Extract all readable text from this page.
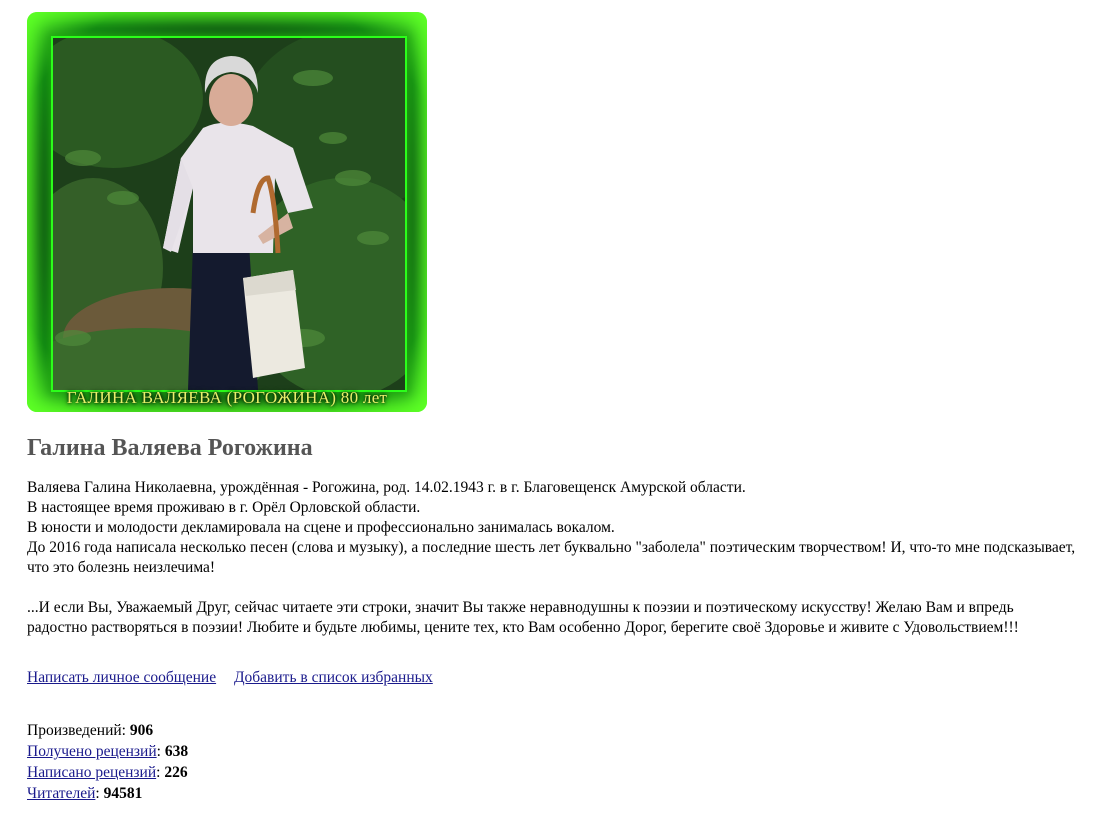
ГАЛИНА ВАЛЯЕВА (РОГОЖИНА) 80 лет
Галина Валяева Рогожина

Валяева Галина Николаевна, урождённая - Рогожина, род. 14.02.1943 г. в г. Благовещенск Амурской области.

В настоящее время проживаю в г. Орёл Орловской области.

В юности и молодости декламировала на сцене и профессионально занималась вокалом.

До 2016 года написала несколько песен (слова и музыку), а последние шесть лет буквально "заболела" поэтическим творчеством! И, что-то мне подсказывает, что это болезнь неизлечима!

...И если Вы, Уважаемый Друг, сейчас читаете эти строки, значит Вы также неравнодушны к поэзии и поэтическому искусству! Желаю Вам и впредь радостно растворяться в поэзии! Любите и будьте любимы, цените тех, кто Вам особенно Дорог, берегите своё Здоровье и живите с Удовольствием!!!

Написать личное сообщение Добавить в список избранных
Произведений: 906
Получено рецензий: 638
Написано рецензий: 226
Читателей: 94581
